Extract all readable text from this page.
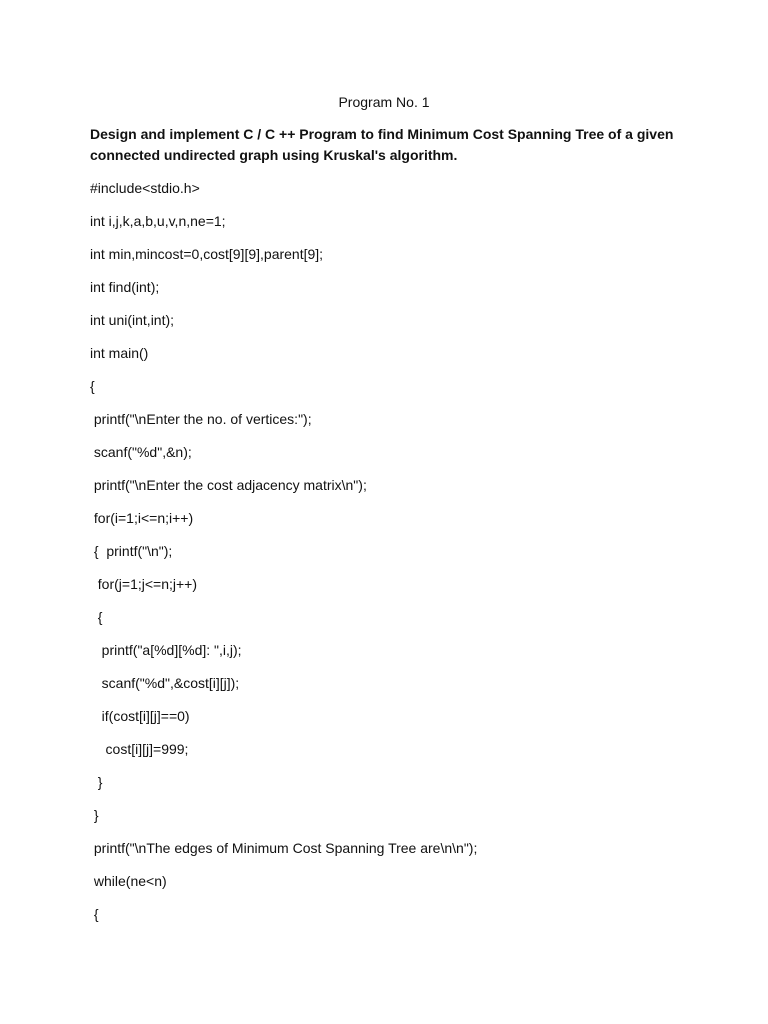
Program No. 1
Design and implement C / C ++ Program to find Minimum Cost Spanning Tree of a given
connected undirected graph using Kruskal's algorithm.
#include<stdio.h>
int i,j,k,a,b,u,v,n,ne=1;
int min,mincost=0,cost[9][9],parent[9];
int find(int);
int uni(int,int);
int main()
{
printf("\nEnter the no. of vertices:");
scanf("%d",&n);
printf("\nEnter the cost adjacency matrix\n");
for(i=1;i<=n;i++)
{  printf("\n");
for(j=1;j<=n;j++)
{
printf("a[%d][%d]: ",i,j);
scanf("%d",&cost[i][j]);
if(cost[i][j]==0)
cost[i][j]=999;
}
}
printf("\nThe edges of Minimum Cost Spanning Tree are\n\n");
while(ne<n)
{
